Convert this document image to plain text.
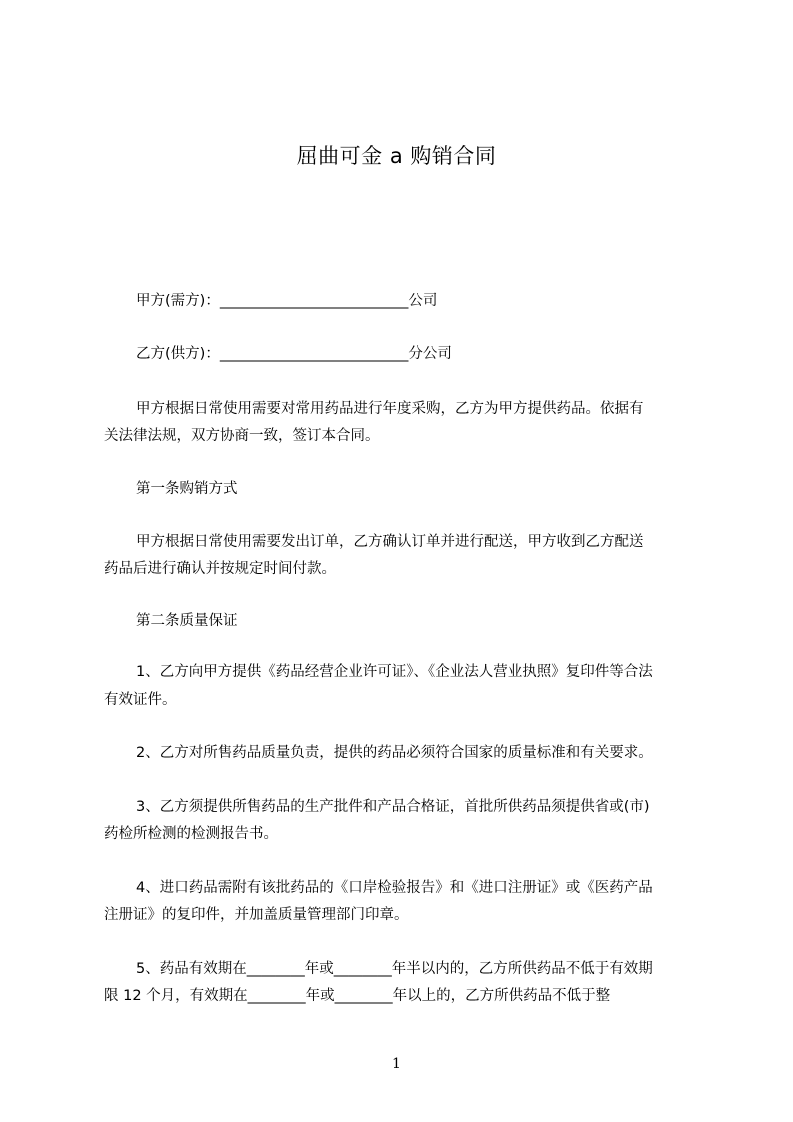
屈曲可金 a 购销合同
甲方(需方)：__________________________公司
乙方(供方)：__________________________分公司
甲方根据日常使用需要对常用药品进行年度采购，乙方为甲方提供药品。依据有
关法律法规，双方协商一致，签订本合同。
第一条购销方式
甲方根据日常使用需要发出订单，乙方确认订单并进行配送，甲方收到乙方配送
药品后进行确认并按规定时间付款。
第二条质量保证
1、乙方向甲方提供《药品经营企业许可证》、《企业法人营业执照》复印件等合法
有效证件。
2、乙方对所售药品质量负责，提供的药品必须符合国家的质量标准和有关要求。
3、乙方须提供所售药品的生产批件和产品合格证，首批所供药品须提供省或(市)
药检所检测的检测报告书。
4、进口药品需附有该批药品的《口岸检验报告》和《进口注册证》或《医药产品
注册证》的复印件，并加盖质量管理部门印章。
5、药品有效期在________年或________年半以内的，乙方所供药品不低于有效期
限 12 个月，有效期在________年或________年以上的，乙方所供药品不低于整
1
